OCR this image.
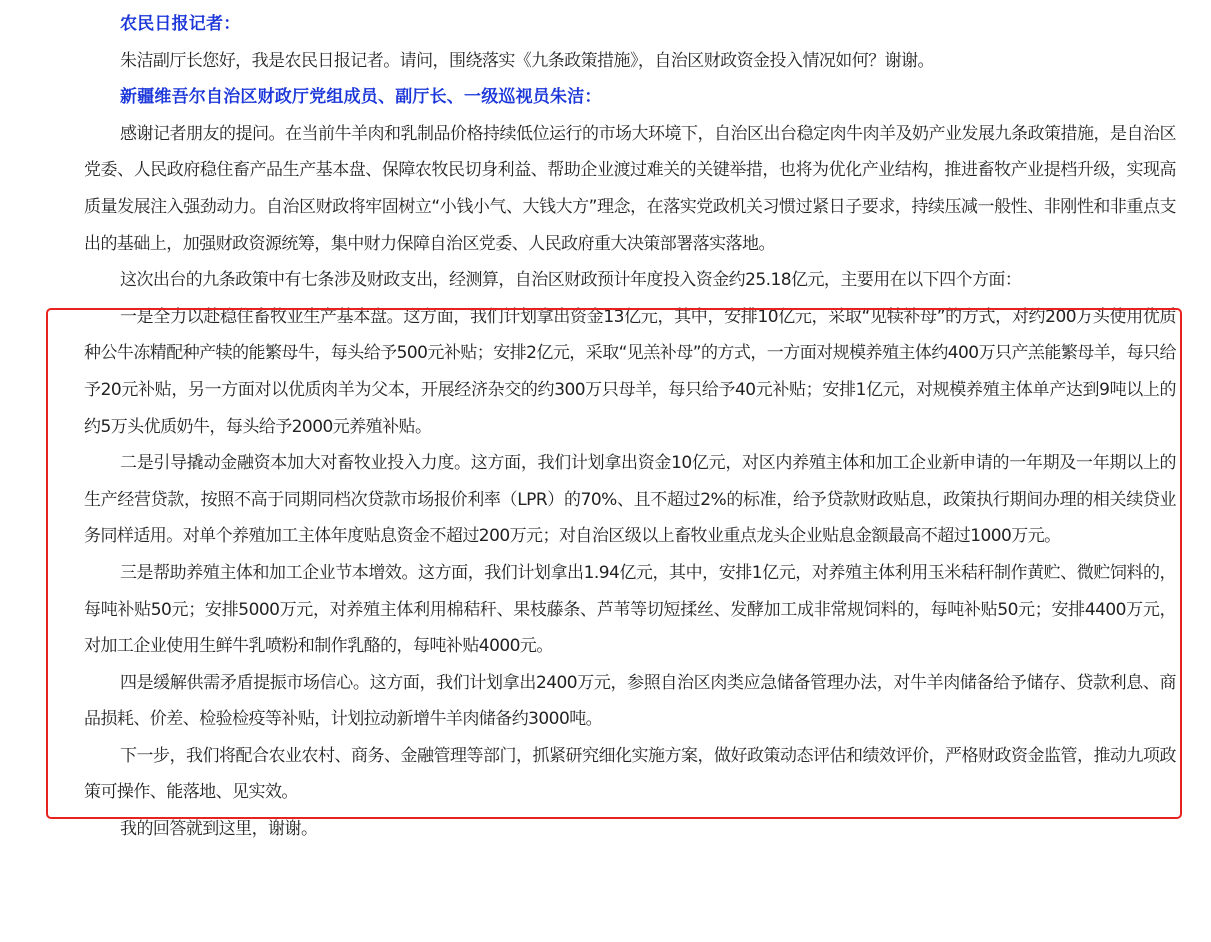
农民日报记者：

朱洁副厅长您好，我是农民日报记者。请问，围绕落实《九条政策措施》，自治区财政资金投入情况如何？谢谢。

新疆维吾尔自治区财政厅党组成员、副厅长、一级巡视员朱洁：

感谢记者朋友的提问。在当前牛羊肉和乳制品价格持续低位运行的市场大环境下，自治区出台稳定肉牛肉羊及奶产业发展九条政策措施，是自治区党委、人民政府稳住畜产品生产基本盘、保障农牧民切身利益、帮助企业渡过难关的关键举措，也将为优化产业结构，推进畜牧产业提档升级，实现高质量发展注入强劲动力。自治区财政将牢固树立“小钱小气、大钱大方”理念，在落实党政机关习惯过紧日子要求，持续压减一般性、非刚性和非重点支出的基础上，加强财政资源统筹，集中财力保障自治区党委、人民政府重大决策部署落实落地。

这次出台的九条政策中有七条涉及财政支出，经测算，自治区财政预计年度投入资金约25.18亿元，主要用在以下四个方面：

一是全力以赴稳住畜牧业生产基本盘。这方面，我们计划拿出资金13亿元，其中，安排10亿元，采取“见犊补母”的方式，对约200万头使用优质种公牛冻精配种产犊的能繁母牛，每头给予500元补贴；安排2亿元，采取“见羔补母”的方式，一方面对规模养殖主体约400万只产羔能繁母羊，每只给予20元补贴，另一方面对以优质肉羊为父本，开展经济杂交的约300万只母羊，每只给予40元补贴；安排1亿元，对规模养殖主体单产达到9吨以上的约5万头优质奶牛，每头给予2000元养殖补贴。

二是引导撬动金融资本加大对畜牧业投入力度。这方面，我们计划拿出资金10亿元，对区内养殖主体和加工企业新申请的一年期及一年期以上的生产经营贷款，按照不高于同期同档次贷款市场报价利率（LPR）的70%、且不超过2%的标准，给予贷款财政贴息，政策执行期间办理的相关续贷业务同样适用。对单个养殖加工主体年度贴息资金不超过200万元；对自治区级以上畜牧业重点龙头企业贴息金额最高不超过1000万元。

三是帮助养殖主体和加工企业节本增效。这方面，我们计划拿出1.94亿元，其中，安排1亿元，对养殖主体利用玉米秸秆制作黄贮、微贮饲料的，每吨补贴50元；安排5000万元，对养殖主体利用棉秸秆、果枝藤条、芦苇等切短揉丝、发酵加工成非常规饲料的，每吨补贴50元；安排4400万元，对加工企业使用生鲜牛乳喷粉和制作乳酪的，每吨补贴4000元。

四是缓解供需矛盾提振市场信心。这方面，我们计划拿出2400万元，参照自治区肉类应急储备管理办法，对牛羊肉储备给予储存、贷款利息、商品损耗、价差、检验检疫等补贴，计划拉动新增牛羊肉储备约3000吨。

下一步，我们将配合农业农村、商务、金融管理等部门，抓紧研究细化实施方案，做好政策动态评估和绩效评价，严格财政资金监管，推动九项政策可操作、能落地、见实效。

我的回答就到这里，谢谢。
